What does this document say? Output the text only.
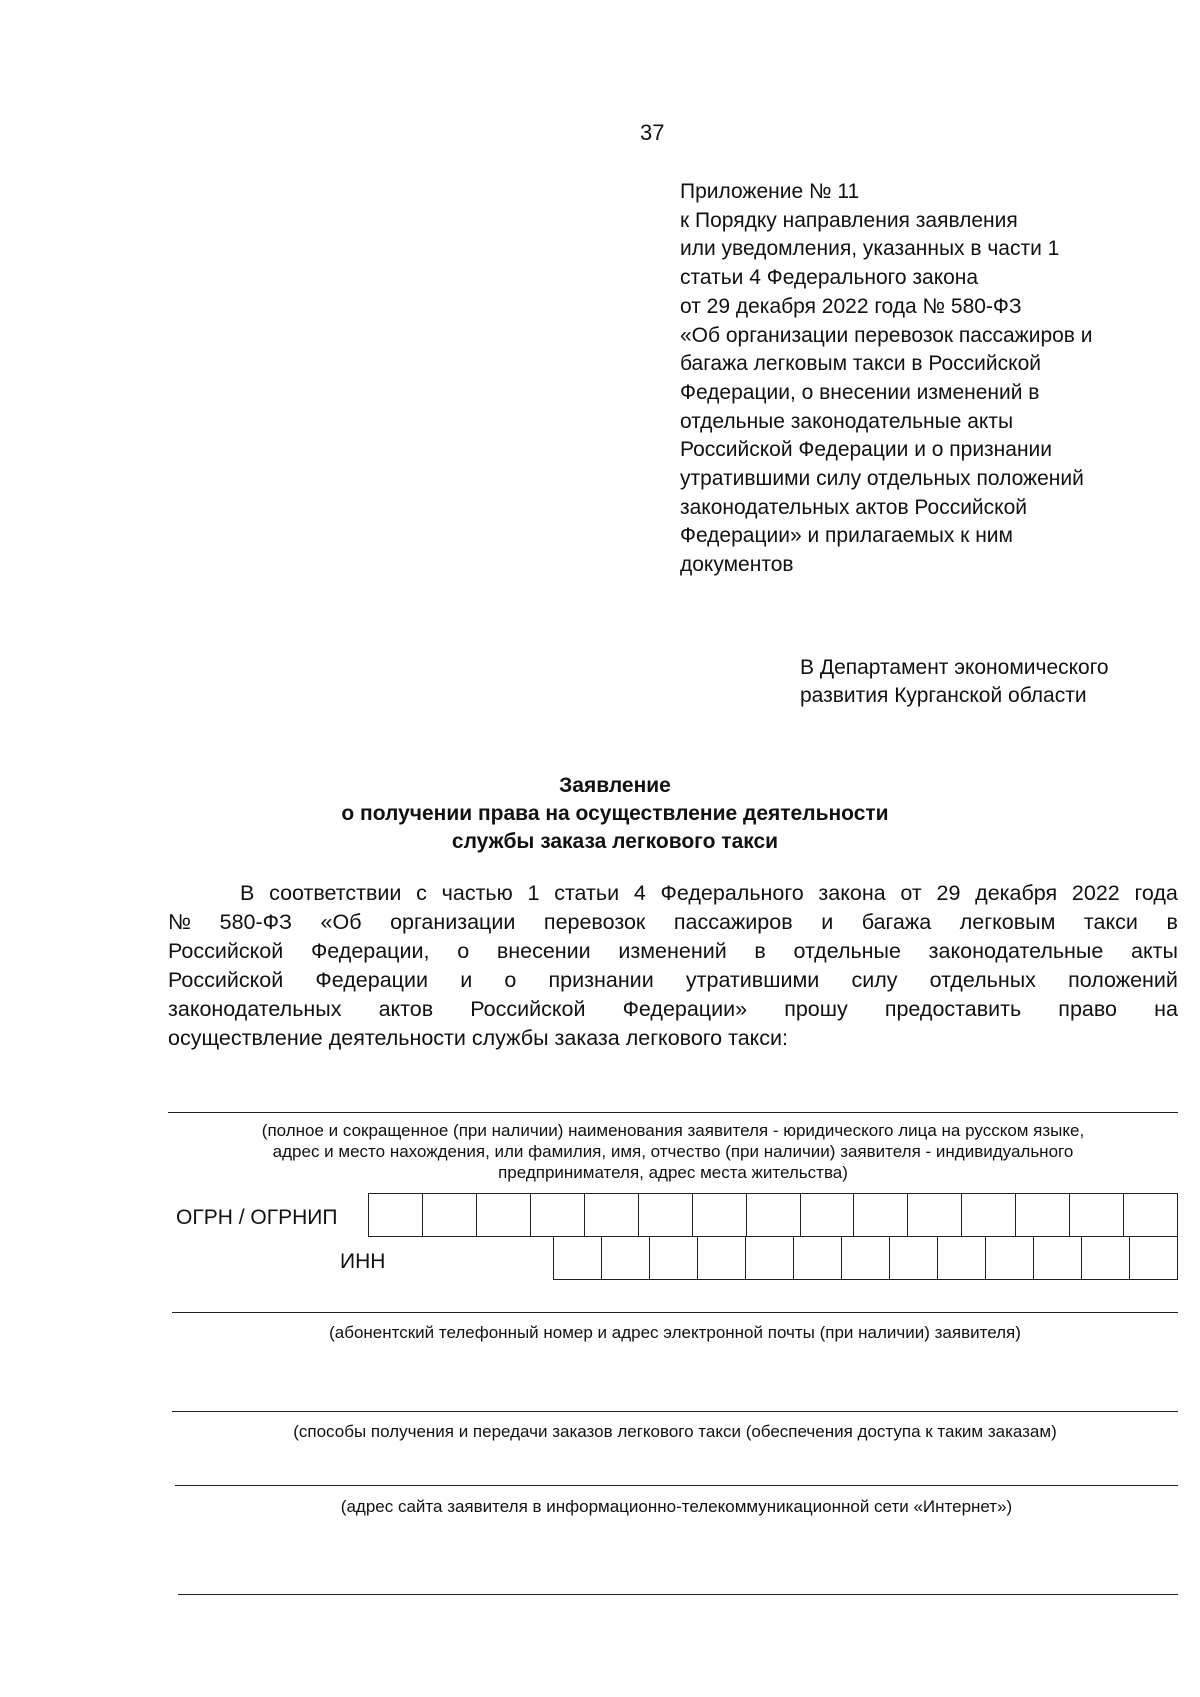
37
Приложение № 11
к Порядку направления заявления
или уведомления, указанных в части 1
статьи 4 Федерального закона
от 29 декабря 2022 года № 580-ФЗ
«Об организации перевозок пассажиров и
багажа легковым такси в Российской
Федерации, о внесении изменений в
отдельные законодательные акты
Российской Федерации и о признании
утратившими силу отдельных положений
законодательных актов Российской
Федерации» и прилагаемых к ним
документов
В Департамент экономического
развития Курганской области
Заявление
о получении права на осуществление деятельности
службы заказа легкового такси
В соответствии с частью 1 статьи 4 Федерального закона от 29 декабря 2022 года
№ 580-ФЗ «Об организации перевозок пассажиров и багажа легковым такси в
Российской Федерации, о внесении изменений в отдельные законодательные акты
Российской Федерации и о признании утратившими силу отдельных положений
законодательных актов Российской Федерации» прошу предоставить право на
осуществление деятельности службы заказа легкового такси:
(полное и сокращенное (при наличии) наименования заявителя - юридического лица на русском языке,
адрес и место нахождения, или фамилия, имя, отчество (при наличии) заявителя - индивидуального
предпринимателя, адрес места жительства)
ОГРН / ОГРНИП
ИНН
(абонентский телефонный номер и адрес электронной почты (при наличии) заявителя)
(способы получения и передачи заказов легкового такси (обеспечения доступа к таким заказам)
(адрес сайта заявителя в информационно-телекоммуникационной сети «Интернет»)
